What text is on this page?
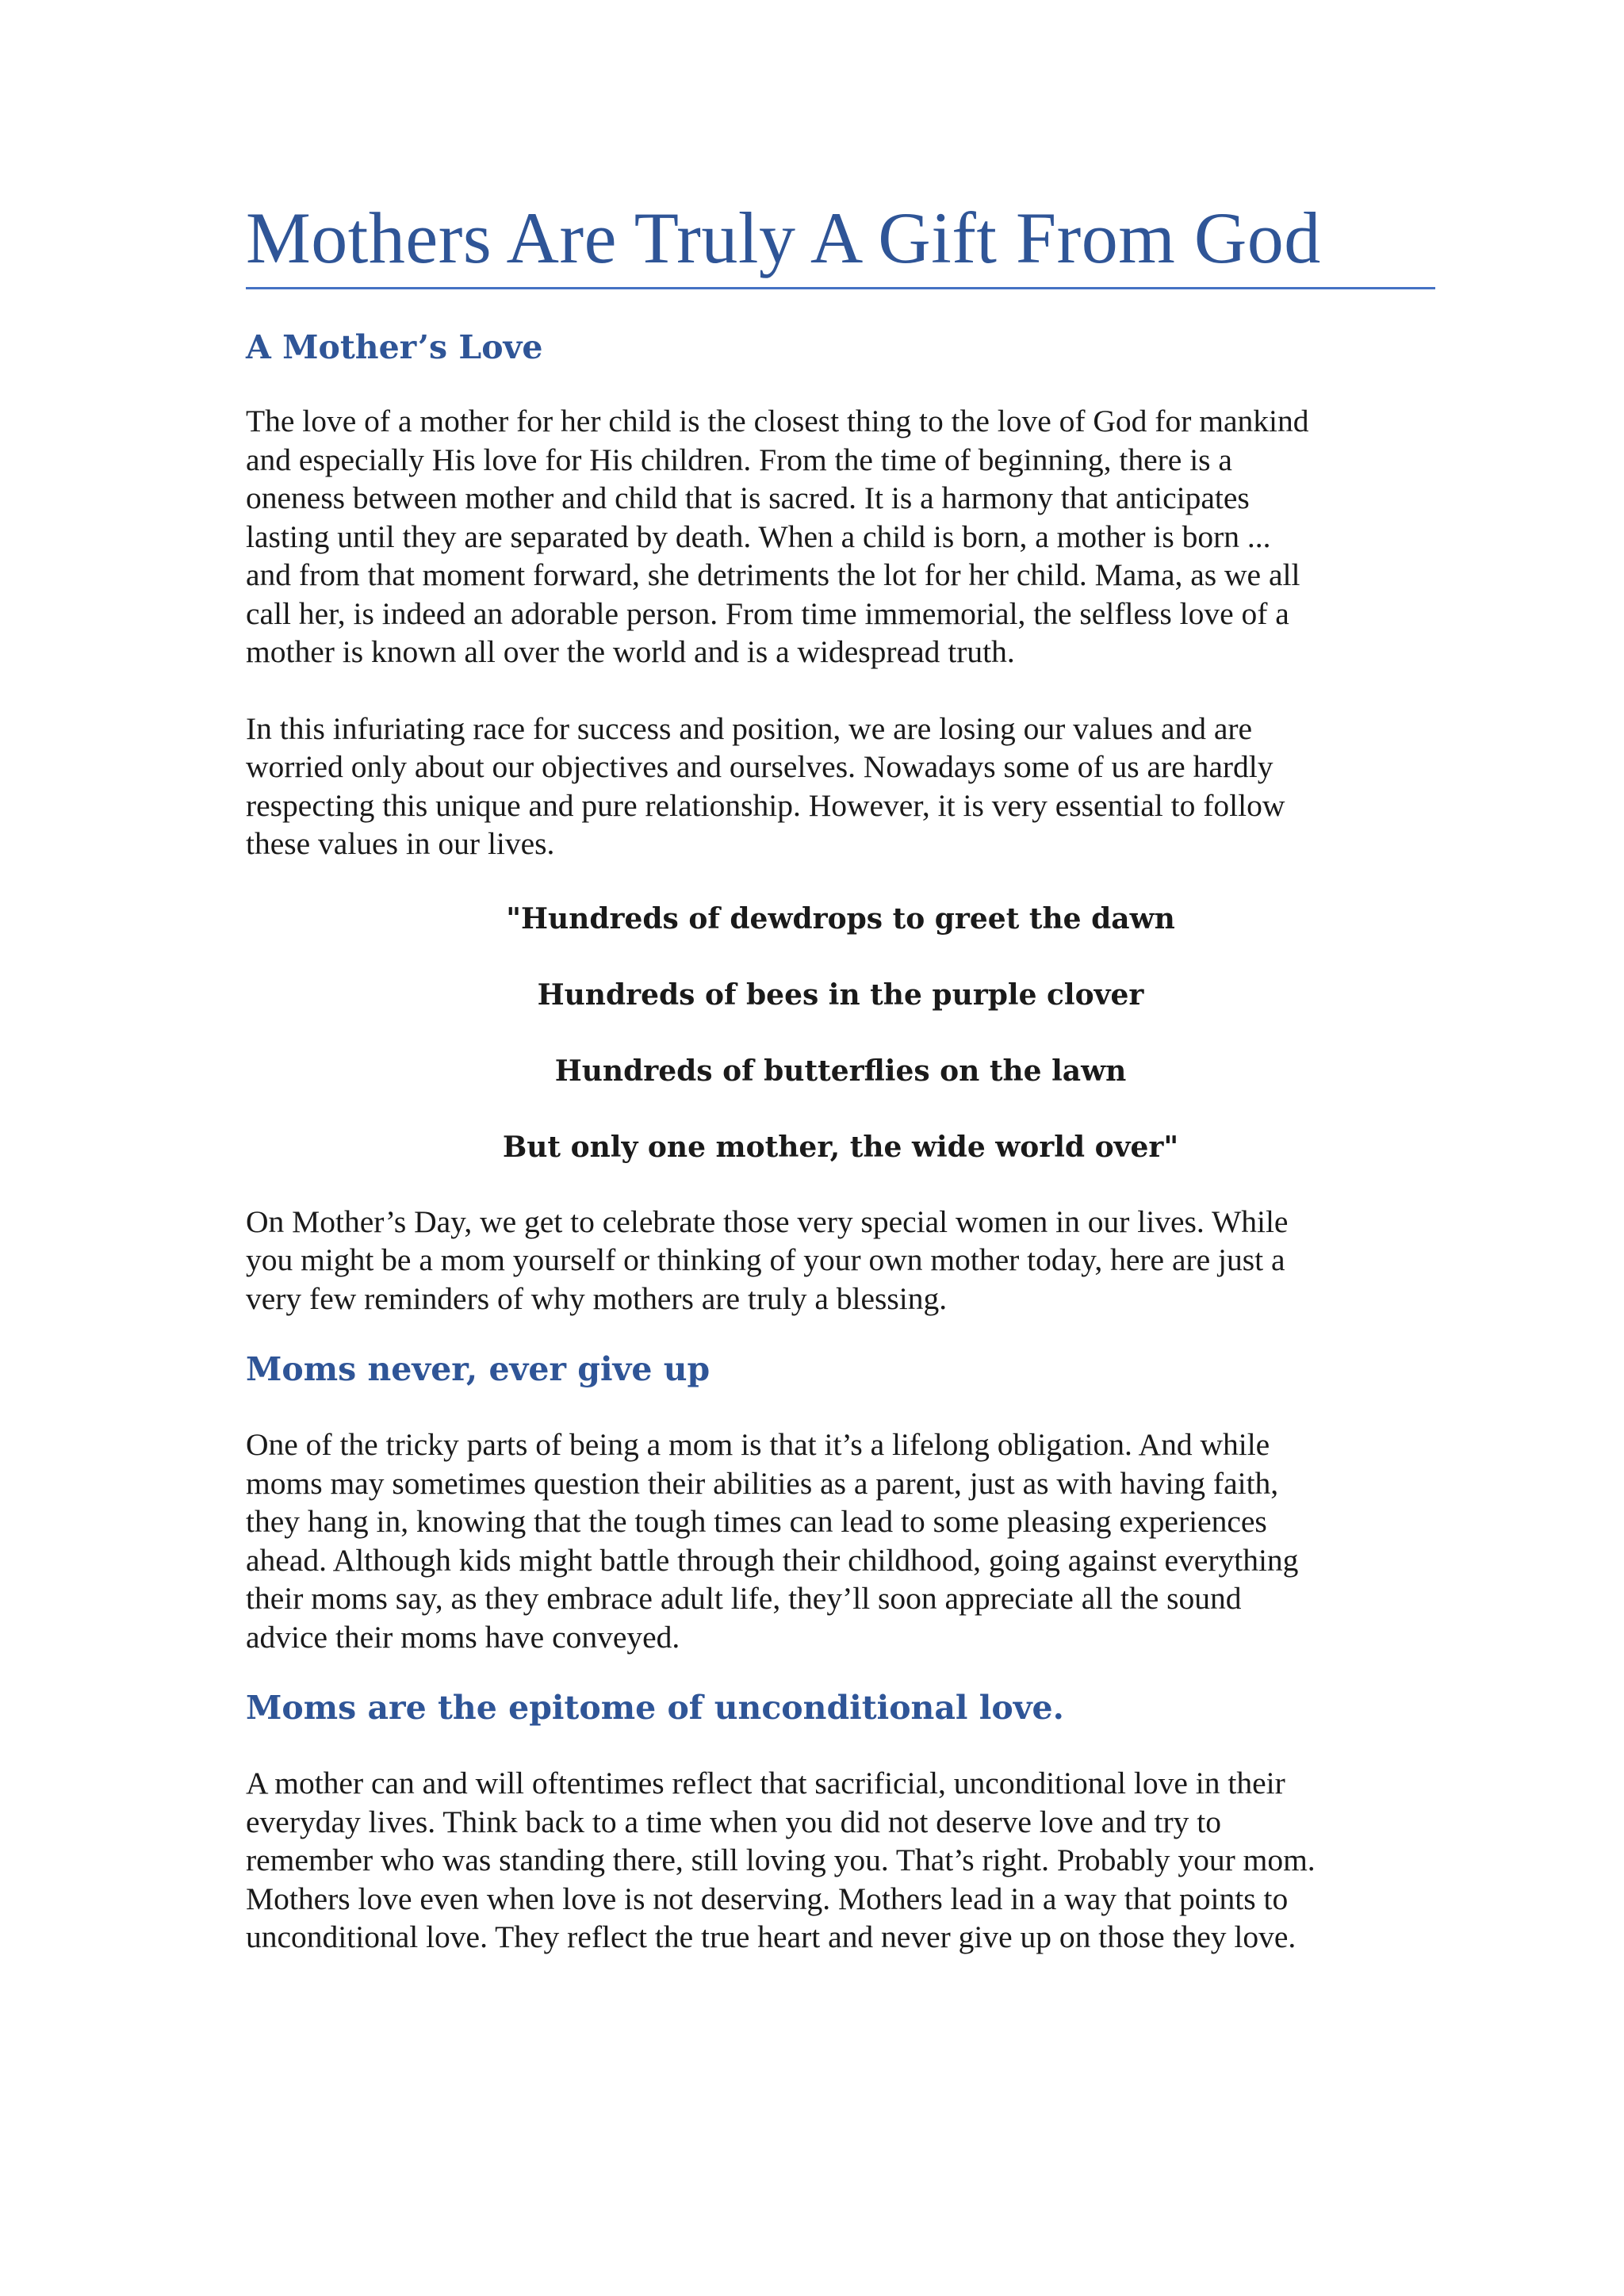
Mothers Are Truly A Gift From God
A Mother’s Love
The love of a mother for her child is the closest thing to the love of God for mankind
and especially His love for His children. From the time of beginning, there is a
oneness between mother and child that is sacred. It is a harmony that anticipates
lasting until they are separated by death. When a child is born, a mother is born ...
and from that moment forward, she detriments the lot for her child. Mama, as we all
call her, is indeed an adorable person. From time immemorial, the selfless love of a
mother is known all over the world and is a widespread truth.
In this infuriating race for success and position, we are losing our values and are
worried only about our objectives and ourselves. Nowadays some of us are hardly
respecting this unique and pure relationship. However, it is very essential to follow
these values in our lives.

"Hundreds of dewdrops to greet the dawn

Hundreds of bees in the purple clover

Hundreds of butterflies on the lawn

But only one mother, the wide world over"

On Mother’s Day, we get to celebrate those very special women in our lives. While
you might be a mom yourself or thinking of your own mother today, here are just a
very few reminders of why mothers are truly a blessing.
Moms never, ever give up
One of the tricky parts of being a mom is that it’s a lifelong obligation. And while
moms may sometimes question their abilities as a parent, just as with having faith,
they hang in, knowing that the tough times can lead to some pleasing experiences
ahead. Although kids might battle through their childhood, going against everything
their moms say, as they embrace adult life, they’ll soon appreciate all the sound
advice their moms have conveyed.
Moms are the epitome of unconditional love.
A mother can and will oftentimes reflect that sacrificial, unconditional love in their
everyday lives. Think back to a time when you did not deserve love and try to
remember who was standing there, still loving you. That’s right. Probably your mom.
Mothers love even when love is not deserving. Mothers lead in a way that points to
unconditional love. They reflect the true heart and never give up on those they love.
